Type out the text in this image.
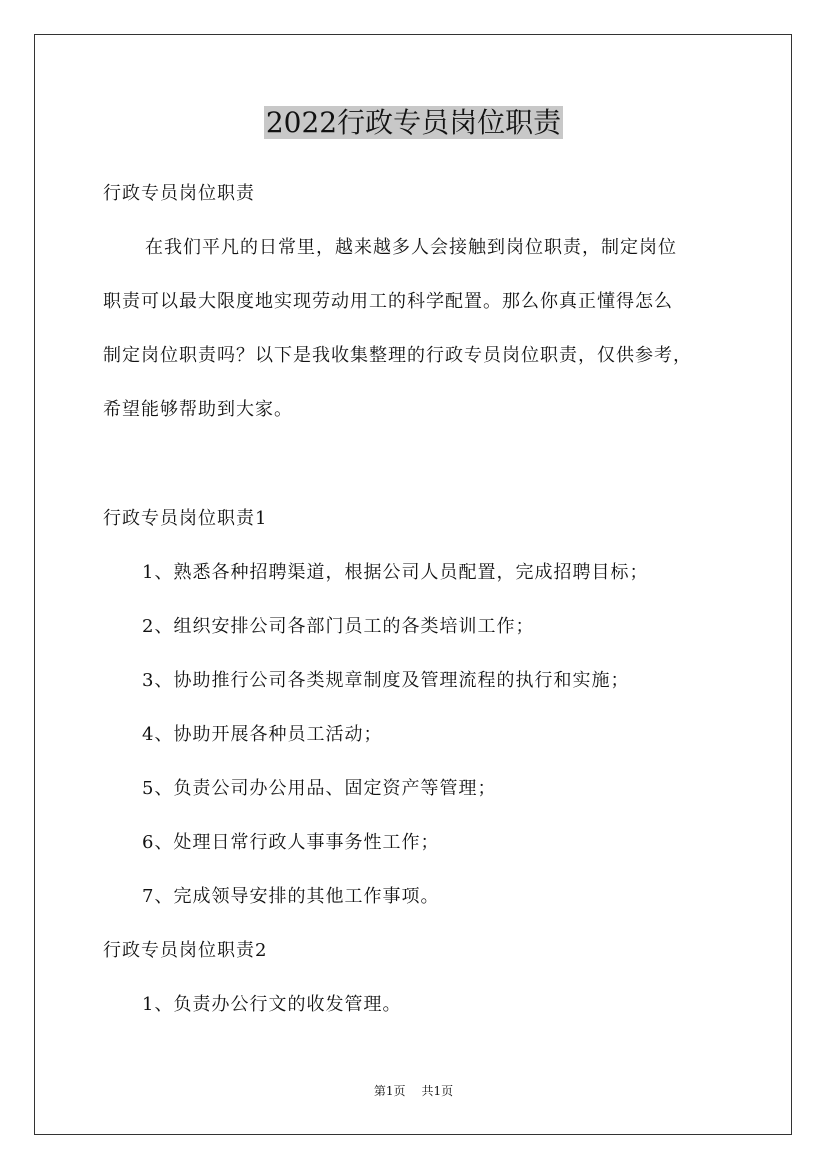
2022行政专员岗位职责
行政专员岗位职责
在我们平凡的日常里，越来越多人会接触到岗位职责，制定岗位
职责可以最大限度地实现劳动用工的科学配置。那么你真正懂得怎么
制定岗位职责吗？以下是我收集整理的行政专员岗位职责，仅供参考，
希望能够帮助到大家。
行政专员岗位职责1
1、熟悉各种招聘渠道，根据公司人员配置，完成招聘目标；
2、组织安排公司各部门员工的各类培训工作；
3、协助推行公司各类规章制度及管理流程的执行和实施；
4、协助开展各种员工活动；
5、负责公司办公用品、固定资产等管理；
6、处理日常行政人事事务性工作；
7、完成领导安排的其他工作事项。
行政专员岗位职责2
1、负责办公行文的收发管理。
第1页 共1页
